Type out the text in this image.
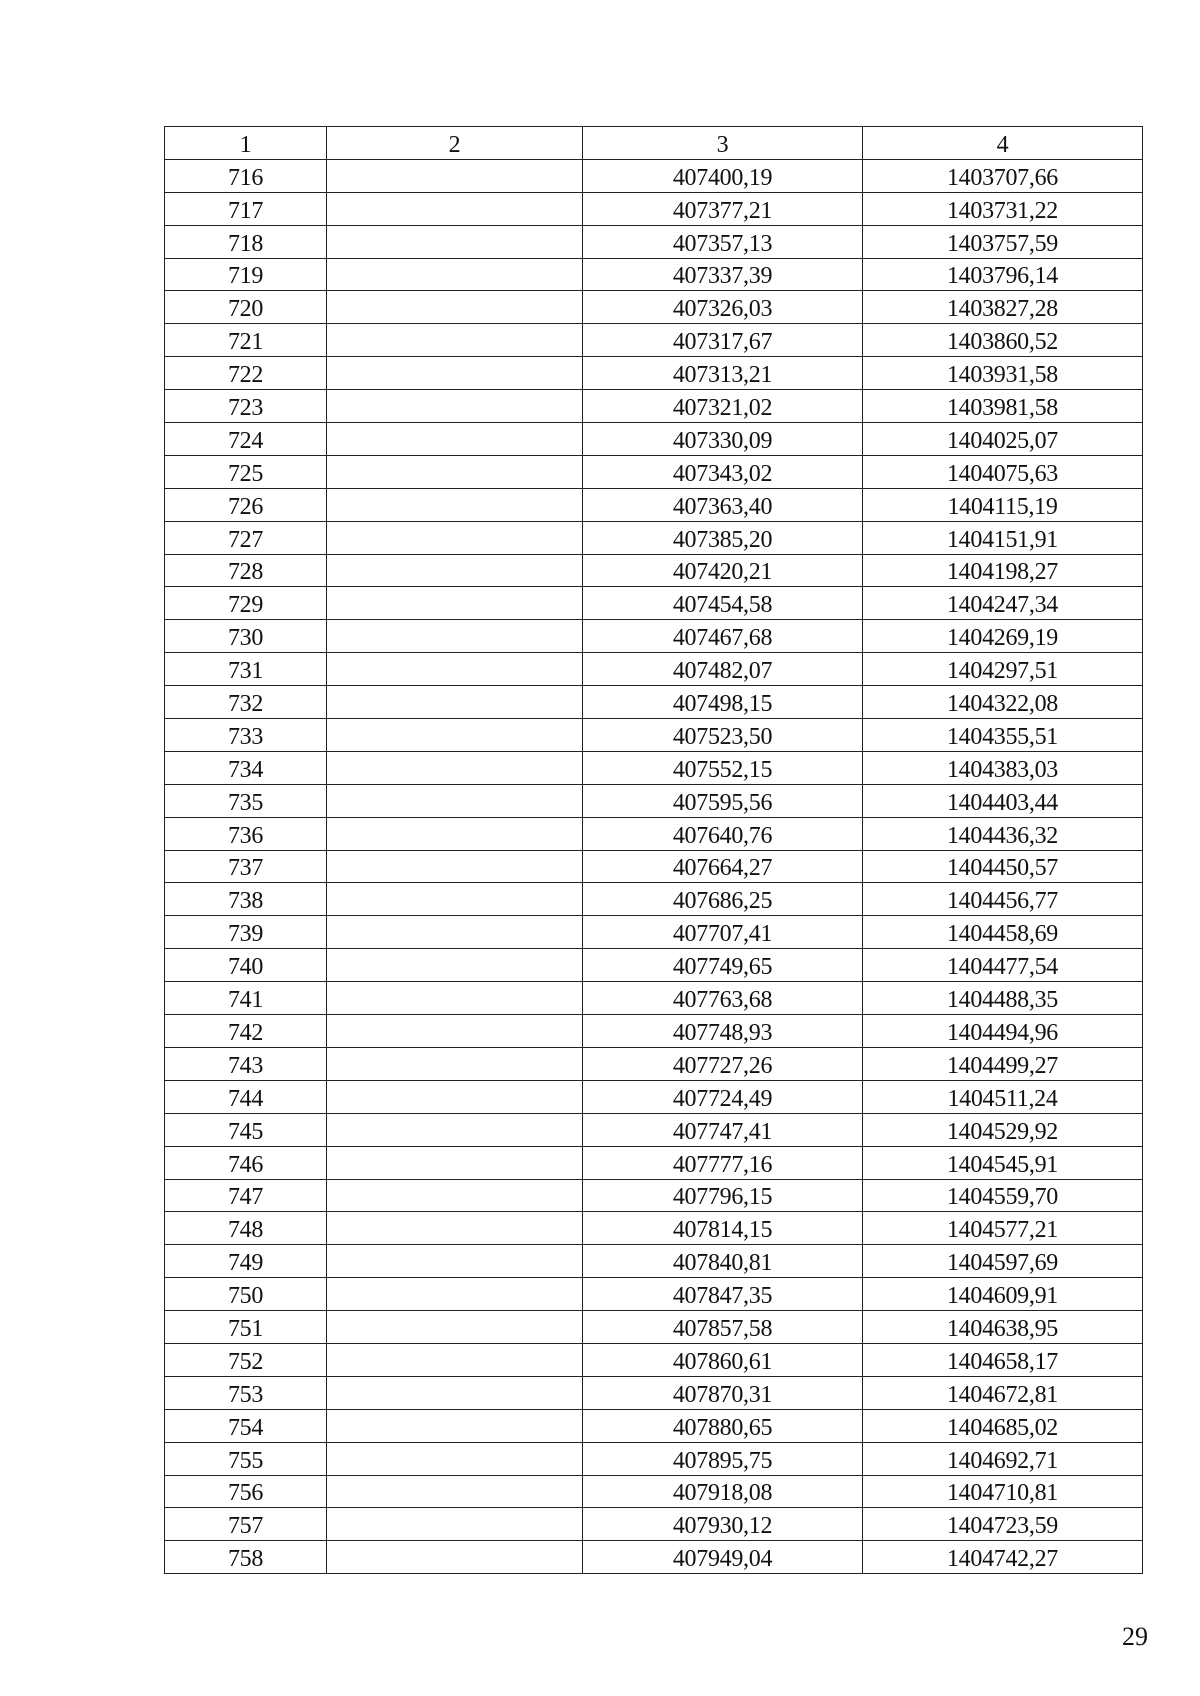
1	2	3	4
716		407400,19	1403707,66
717		407377,21	1403731,22
718		407357,13	1403757,59
719		407337,39	1403796,14
720		407326,03	1403827,28
721		407317,67	1403860,52
722		407313,21	1403931,58
723		407321,02	1403981,58
724		407330,09	1404025,07
725		407343,02	1404075,63
726		407363,40	1404115,19
727		407385,20	1404151,91
728		407420,21	1404198,27
729		407454,58	1404247,34
730		407467,68	1404269,19
731		407482,07	1404297,51
732		407498,15	1404322,08
733		407523,50	1404355,51
734		407552,15	1404383,03
735		407595,56	1404403,44
736		407640,76	1404436,32
737		407664,27	1404450,57
738		407686,25	1404456,77
739		407707,41	1404458,69
740		407749,65	1404477,54
741		407763,68	1404488,35
742		407748,93	1404494,96
743		407727,26	1404499,27
744		407724,49	1404511,24
745		407747,41	1404529,92
746		407777,16	1404545,91
747		407796,15	1404559,70
748		407814,15	1404577,21
749		407840,81	1404597,69
750		407847,35	1404609,91
751		407857,58	1404638,95
752		407860,61	1404658,17
753		407870,31	1404672,81
754		407880,65	1404685,02
755		407895,75	1404692,71
756		407918,08	1404710,81
757		407930,12	1404723,59
758		407949,04	1404742,27
29
